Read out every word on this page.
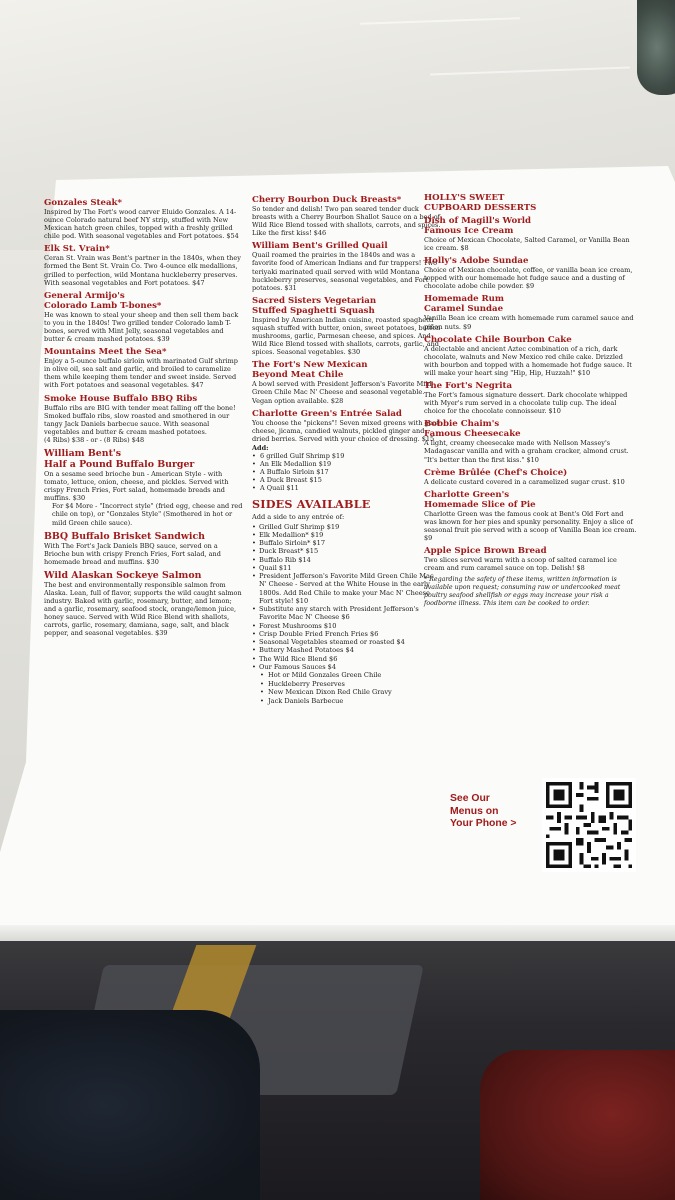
Gonzales Steak*
Inspired by The Fort's wood carver Eluido Gonzales. A 14-ounce Colorado natural beef NY strip, stuffed with New Mexican hatch green chiles, topped with a freshly grilled chile pod. With seasonal vegetables and Fort potatoes. $54
Elk St. Vrain*
Ceran St. Vrain was Bent's partner in the 1840s, when they formed the Bent St. Vrain Co. Two 4-ounce elk medallions, grilled to perfection, wild Montana huckleberry preserves. With seasonal vegetables and Fort potatoes. $47
General Armijo's
Colorado Lamb T-bones*
He was known to steal your sheep and then sell them back to you in the 1840s! Two grilled tender Colorado lamb T-bones, served with Mint Jelly, seasonal vegetables and butter & cream mashed potatoes. $39
Mountains Meet the Sea*
Enjoy a 5-ounce buffalo sirloin with marinated Gulf shrimp in olive oil, sea salt and garlic, and broiled to caramelize them while keeping them tender and sweet inside. Served with Fort potatoes and seasonal vegetables. $47
Smoke House Buffalo BBQ Ribs
Buffalo ribs are BIG with tender meat falling off the bone! Smoked buffalo ribs, slow roasted and smothered in our tangy Jack Daniels barbecue sauce. With seasonal vegetables and butter & cream mashed potatoes.
(4 Ribs) $38 - or - (8 Ribs) $48
William Bent's
Half a Pound Buffalo Burger
On a sesame seed brioche bun - American Style - with tomato, lettuce, onion, cheese, and pickles. Served with crispy French Fries, Fort salad, homemade breads and muffins. $30
For $4 More - "Incorrect style" (fried egg, cheese and red chile on top), or "Gonzales Style" (Smothered in hot or mild Green chile sauce).
BBQ Buffalo Brisket Sandwich
With The Fort's Jack Daniels BBQ sauce, served on a Brioche bun with crispy French Fries, Fort salad, and homemade bread and muffins. $30
Wild Alaskan Sockeye Salmon
The best and environmentally responsible salmon from Alaska. Lean, full of flavor, supports the wild caught salmon industry. Baked with garlic, rosemary, butter, and lemon; and a garlic, rosemary, seafood stock, orange/lemon juice, honey sauce. Served with Wild Rice Blend with shallots, carrots, garlic, rosemary, damiana, sage, salt, and black pepper, and seasonal vegetables. $39
Cherry Bourbon Duck Breasts*
So tender and delish! Two pan seared tender duck breasts with a Cherry Bourbon Shallot Sauce on a bed of Wild Rice Blend tossed with shallots, carrots, and spices. Like the first kiss! $46
William Bent's Grilled Quail
Quail roamed the prairies in the 1840s and was a favorite food of American Indians and fur trappers! Two teriyaki marinated quail served with wild Montana huckleberry preserves, seasonal vegetables, and Fort potatoes. $31
Sacred Sisters Vegetarian
Stuffed Spaghetti Squash
Inspired by American Indian cuisine, roasted spaghetti squash stuffed with butter, onion, sweet potatoes, button mushrooms, garlic, Parmesan cheese, and spices. And Wild Rice Blend tossed with shallots, carrots, garlic, and spices. Seasonal vegetables. $30
The Fort's New Mexican
Beyond Meat Chile
A bowl served with President Jefferson's Favorite Mild Green Chile Mac N' Cheese and seasonal vegetable. Vegan option available. $28
Charlotte Green's Entrée Salad
You choose the "pickens"! Seven mixed greens with goat cheese, jicama, candied walnuts, pickled ginger and dried berries. Served with your choice of dressing. $15
Add:
• 6 grilled Gulf Shrimp $19
• An Elk Medallion $19
• A Buffalo Sirloin $17
• A Duck Breast $15
• A Quail $11
SIDES AVAILABLE
Add a side to any entrée of:
• Grilled Gulf Shrimp $19
• Elk Medallion* $19
• Buffalo Sirloin* $17
• Duck Breast* $15
• Buffalo Rib $14
• Quail $11
• President Jefferson's Favorite Mild Green Chile Mac N' Cheese - Served at the White House in the early 1800s. Add Red Chile to make your Mac N' Cheese Fort style! $10
• Substitute any starch with President Jefferson's Favorite Mac N' Cheese $6
• Forest Mushrooms $10
• Crisp Double Fried French Fries $6
• Seasonal Vegetables steamed or roasted $4
• Buttery Mashed Potatoes $4
• The Wild Rice Blend $6
• Our Famous Sauces $4
• Hot or Mild Gonzales Green Chile
• Huckleberry Preserves
• New Mexican Dixon Red Chile Gravy
• Jack Daniels Barbecue
HOLLY'S SWEET
CUPBOARD DESSERTS
Dish of Magill's World
Famous Ice Cream
Choice of Mexican Chocolate, Salted Caramel, or Vanilla Bean ice cream. $8
Holly's Adobe Sundae
Choice of Mexican chocolate, coffee, or vanilla bean ice cream, topped with our homemade hot fudge sauce and a dusting of chocolate adobe chile powder. $9
Homemade Rum
Caramel Sundae
Vanilla Bean ice cream with homemade rum caramel sauce and piñon nuts. $9
Chocolate Chile Bourbon Cake
A delectable and ancient Aztec combination of a rich, dark chocolate, walnuts and New Mexico red chile cake. Drizzled with bourbon and topped with a homemade hot fudge sauce. It will make your heart sing "Hip, Hip, Huzzah!" $10
The Fort's Negrita
The Fort's famous signature dessert. Dark chocolate whipped with Myer's rum served in a chocolate tulip cup. The ideal choice for the chocolate connoisseur. $10
Bobbie Chaim's
Famous Cheesecake
A light, creamy cheesecake made with Nellson Massey's Madagascar vanilla and with a graham cracker, almond crust. "It's better than the first kiss." $10
Crème Brûlée (Chef's Choice)
A delicate custard covered in a caramelized sugar crust. $10
Charlotte Green's
Homemade Slice of Pie
Charlotte Green was the famous cook at Bent's Old Fort and was known for her pies and spunky personality. Enjoy a slice of seasonal fruit pie served with a scoop of Vanilla Bean ice cream. $9
Apple Spice Brown Bread
Two slices served warm with a scoop of salted caramel ice cream and rum caramel sauce on top. Delish! $8
* Regarding the safety of these items, written information is available upon request; consuming raw or undercooked meat poultry seafood shellfish or eggs may increase your risk a foodborne illness. This item can be cooked to order.
See Our
Menus on
Your Phone >
